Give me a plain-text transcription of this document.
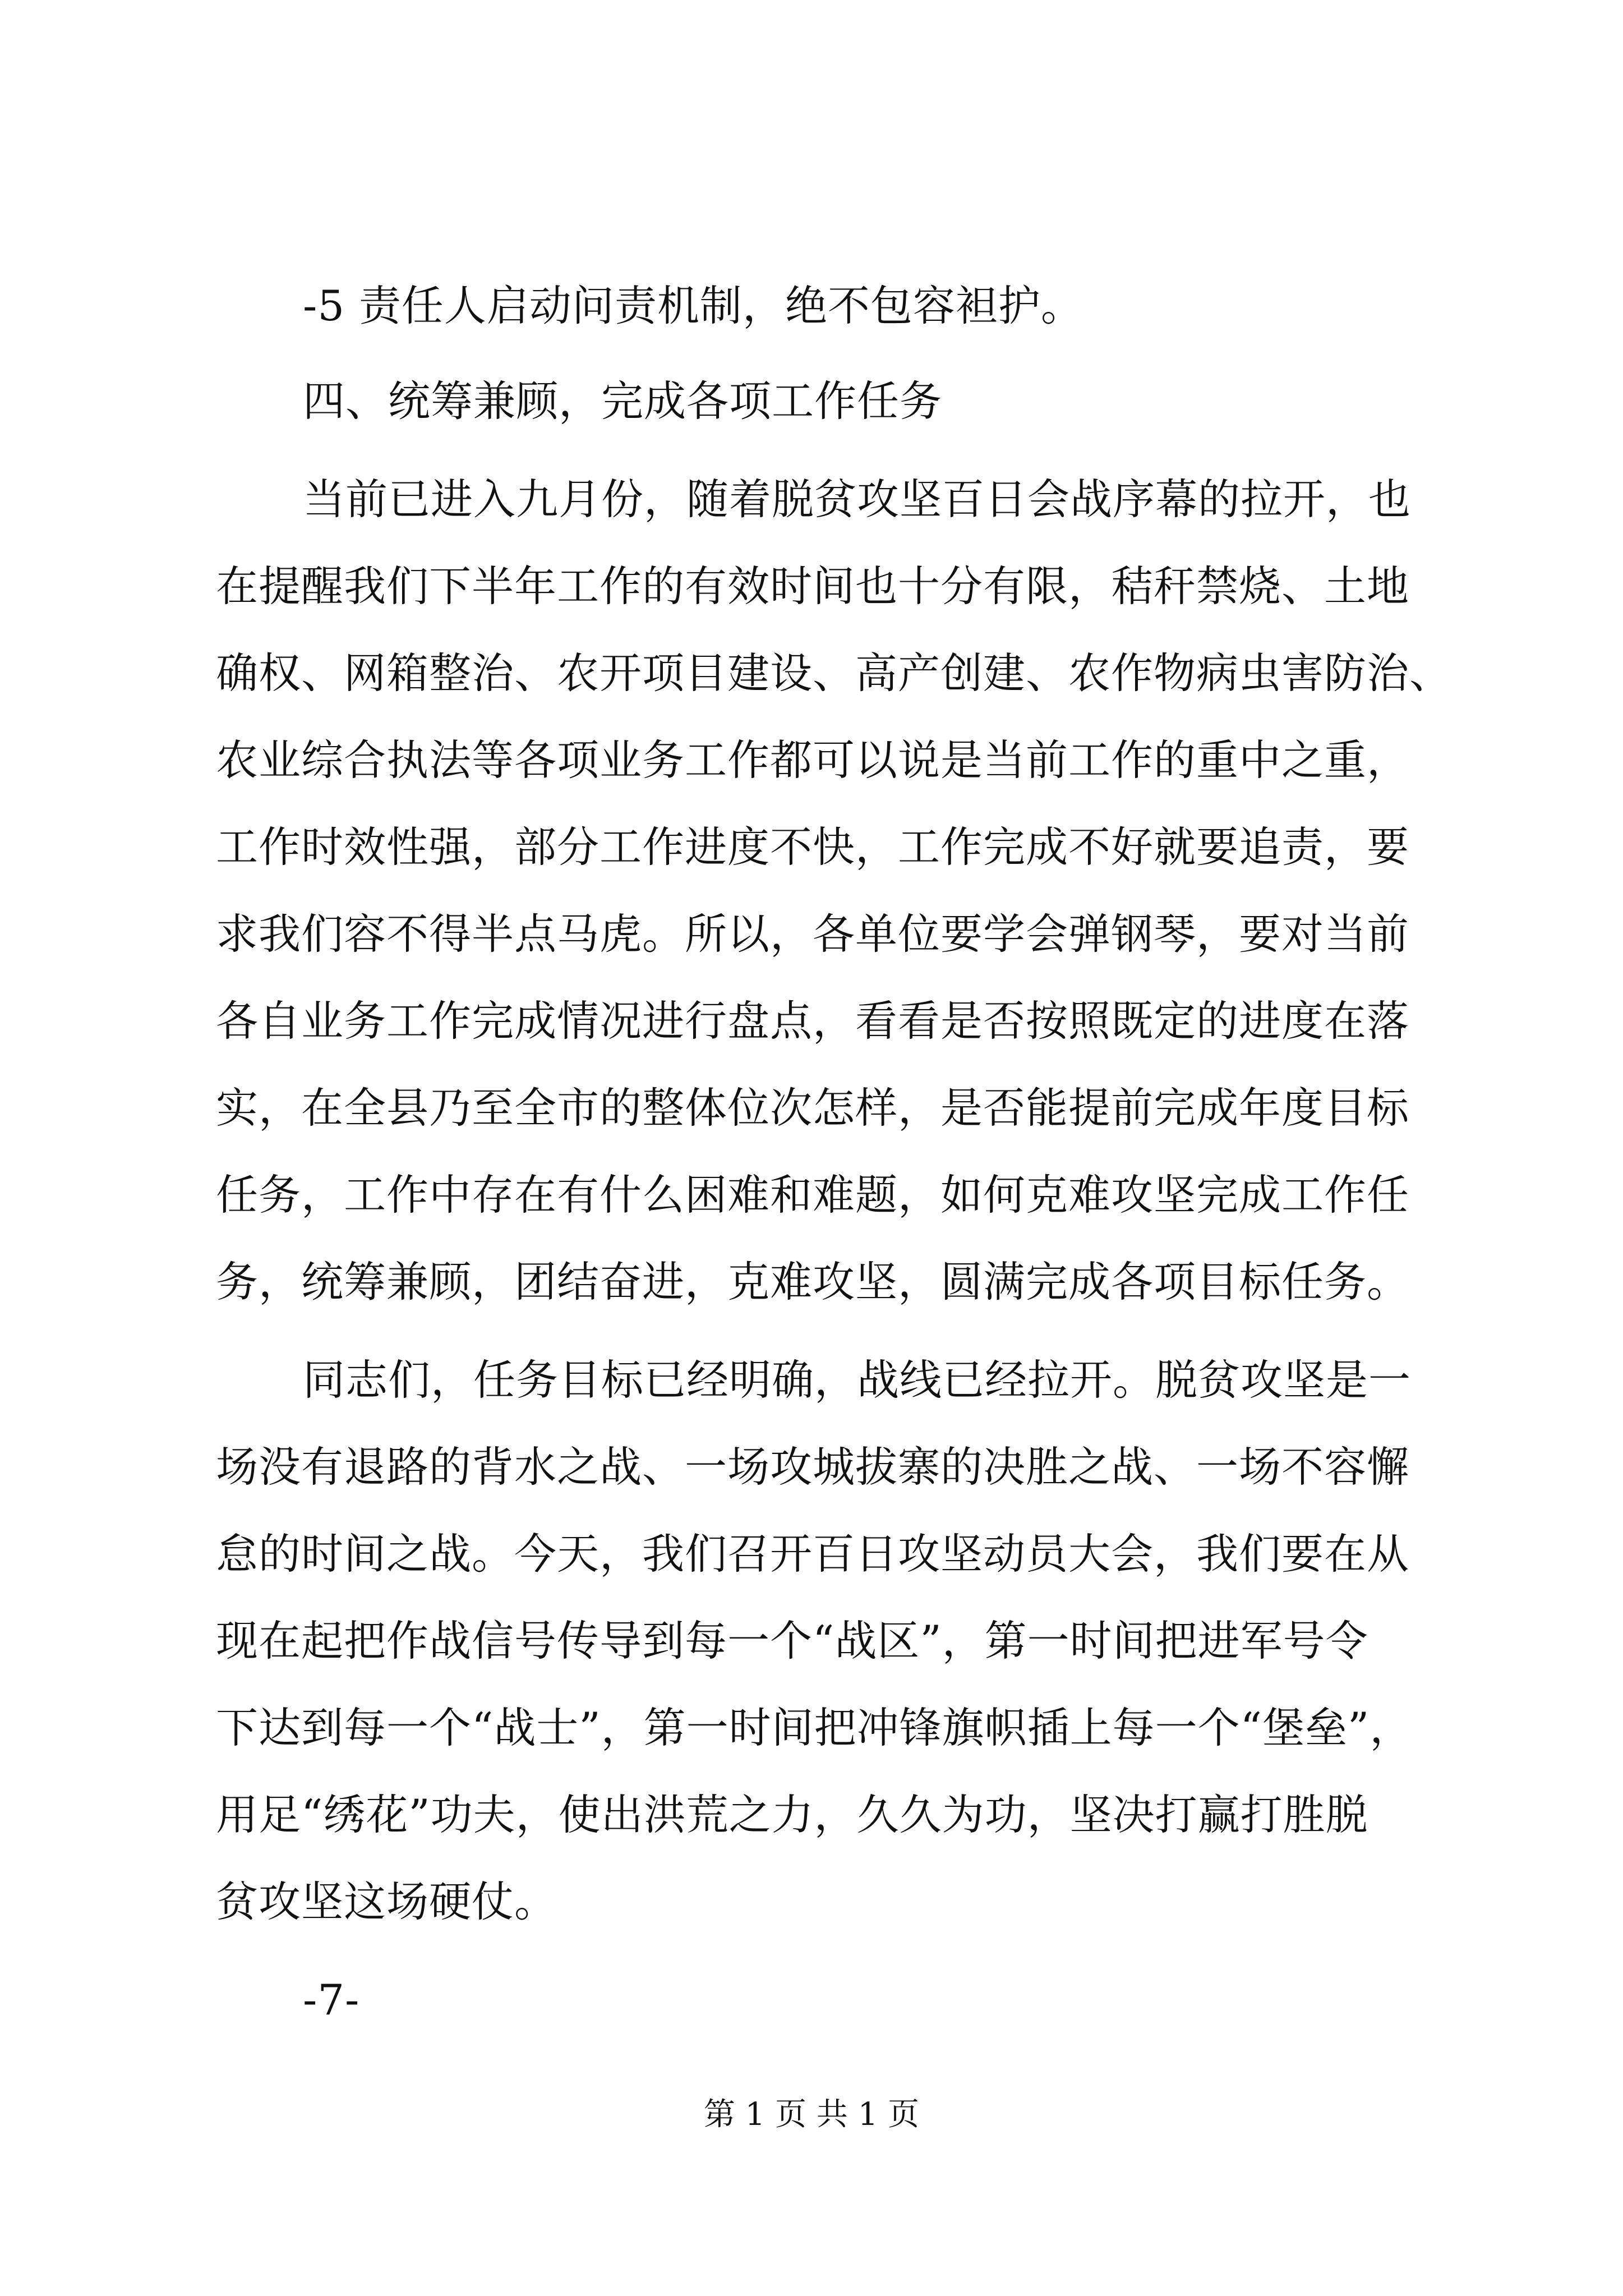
-5 责任人启动问责机制，绝不包容袒护。

四、统筹兼顾，完成各项工作任务

当前已进入九月份，随着脱贫攻坚百日会战序幕的拉开，也

在提醒我们下半年工作的有效时间也十分有限，秸秆禁烧、土地

确权、网箱整治、农开项目建设、高产创建、农作物病虫害防治、

农业综合执法等各项业务工作都可以说是当前工作的重中之重，

工作时效性强，部分工作进度不快，工作完成不好就要追责，要

求我们容不得半点马虎。所以，各单位要学会弹钢琴，要对当前

各自业务工作完成情况进行盘点，看看是否按照既定的进度在落

实，在全县乃至全市的整体位次怎样，是否能提前完成年度目标

任务，工作中存在有什么困难和难题，如何克难攻坚完成工作任

务，统筹兼顾，团结奋进，克难攻坚，圆满完成各项目标任务。

同志们，任务目标已经明确，战线已经拉开。脱贫攻坚是一

场没有退路的背水之战、一场攻城拔寨的决胜之战、一场不容懈

怠的时间之战。今天，我们召开百日攻坚动员大会，我们要在从

现在起把作战信号传导到每一个“战区”，第一时间把进军号令

下达到每一个“战士”，第一时间把冲锋旗帜插上每一个“堡垒”，

用足“绣花”功夫，使出洪荒之力，久久为功，坚决打赢打胜脱

贫攻坚这场硬仗。

-7-

第 1 页 共 1 页
